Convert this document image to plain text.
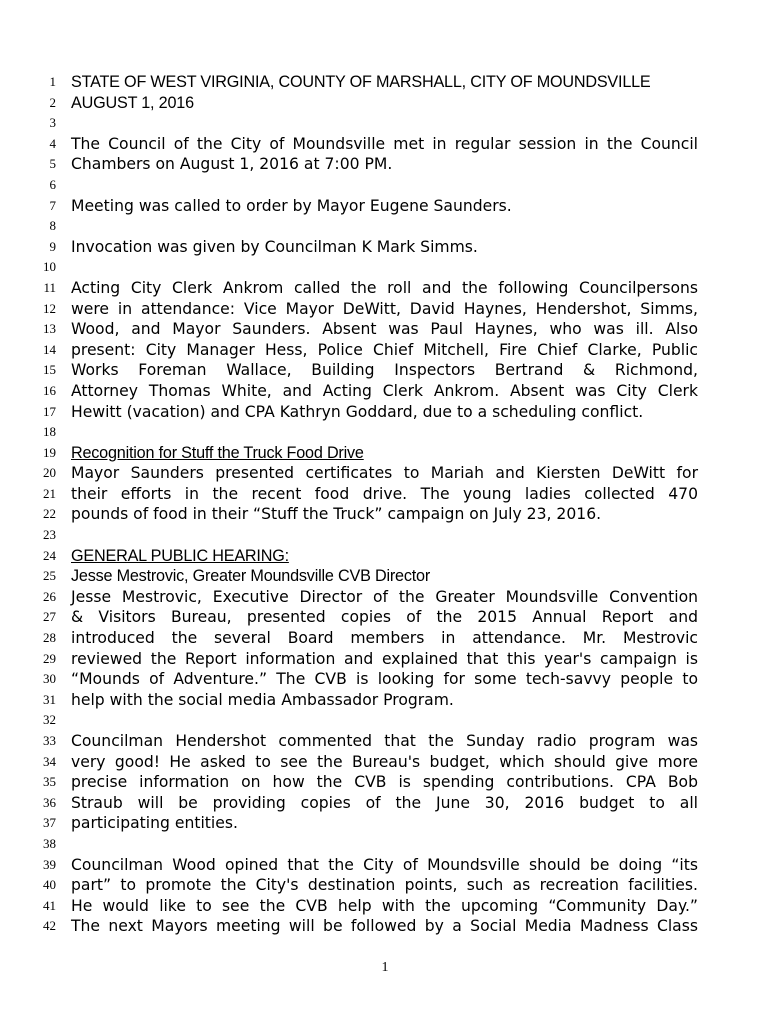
1 STATE OF WEST VIRGINIA, COUNTY OF MARSHALL, CITY OF MOUNDSVILLE
2 AUGUST 1, 2016
3
4 The Council of the City of Moundsville met in regular session in the Council
5 Chambers on August 1, 2016 at 7:00 PM.
6
7 Meeting was called to order by Mayor Eugene Saunders.
8
9 Invocation was given by Councilman K Mark Simms.
10
11 Acting City Clerk Ankrom called the roll and the following Councilpersons
12 were in attendance: Vice Mayor DeWitt, David Haynes, Hendershot, Simms,
13 Wood, and Mayor Saunders. Absent was Paul Haynes, who was ill. Also
14 present: City Manager Hess, Police Chief Mitchell, Fire Chief Clarke, Public
15 Works Foreman Wallace, Building Inspectors Bertrand & Richmond,
16 Attorney Thomas White, and Acting Clerk Ankrom. Absent was City Clerk
17 Hewitt (vacation) and CPA Kathryn Goddard, due to a scheduling conflict.
18
19 Recognition for Stuff the Truck Food Drive
20 Mayor Saunders presented certificates to Mariah and Kiersten DeWitt for
21 their efforts in the recent food drive. The young ladies collected 470
22 pounds of food in their “Stuff the Truck” campaign on July 23, 2016.
23
24 GENERAL PUBLIC HEARING:
25 Jesse Mestrovic, Greater Moundsville CVB Director
26 Jesse Mestrovic, Executive Director of the Greater Moundsville Convention
27 & Visitors Bureau, presented copies of the 2015 Annual Report and
28 introduced the several Board members in attendance. Mr. Mestrovic
29 reviewed the Report information and explained that this year's campaign is
30 “Mounds of Adventure.” The CVB is looking for some tech-savvy people to
31 help with the social media Ambassador Program.
32
33 Councilman Hendershot commented that the Sunday radio program was
34 very good! He asked to see the Bureau's budget, which should give more
35 precise information on how the CVB is spending contributions. CPA Bob
36 Straub will be providing copies of the June 30, 2016 budget to all
37 participating entities.
38
39 Councilman Wood opined that the City of Moundsville should be doing “its
40 part” to promote the City's destination points, such as recreation facilities.
41 He would like to see the CVB help with the upcoming “Community Day.”
42 The next Mayors meeting will be followed by a Social Media Madness Class
1
